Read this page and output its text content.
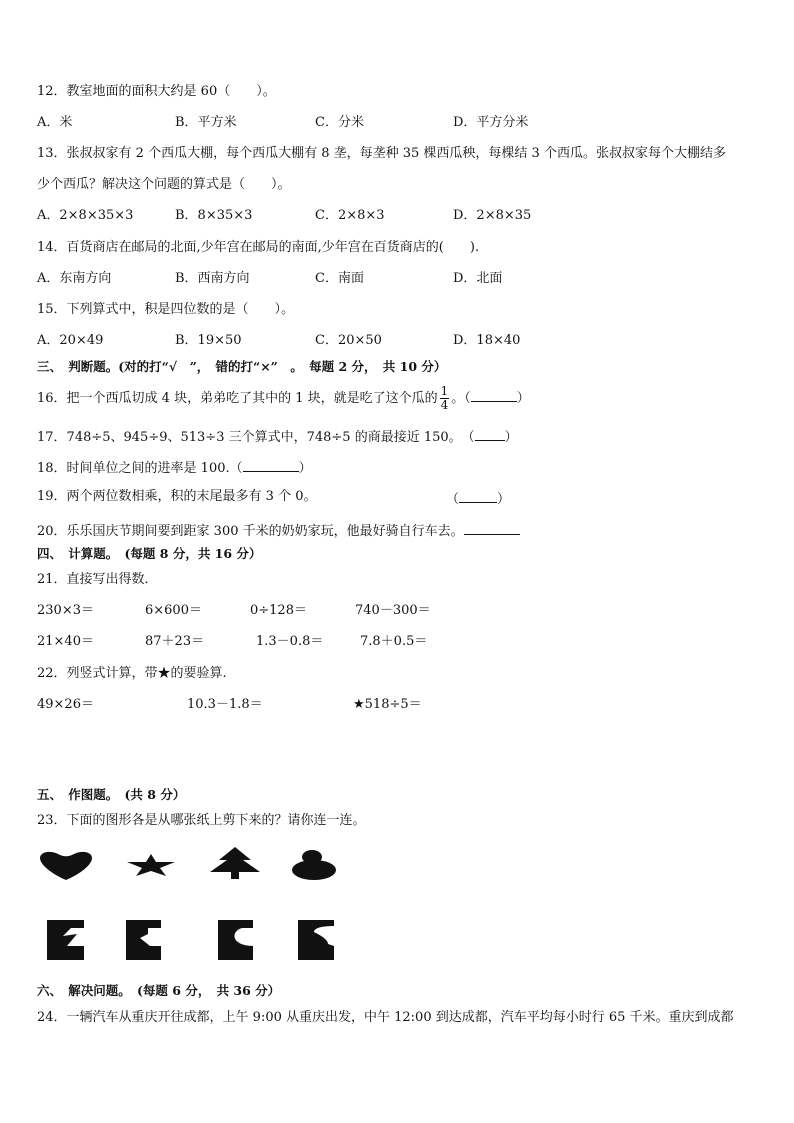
12．教室地面的面积大约是 60（　　）。
A．米	B．平方米	C．分米	D．平方分米
13．张叔叔家有 2 个西瓜大棚，每个西瓜大棚有 8 垄，每垄种 35 棵西瓜秧，每棵结 3 个西瓜。张叔叔家每个大棚结多
少个西瓜？解决这个问题的算式是（　　）。
A．2×8×35×3	B．8×35×3	C．2×8×3	D．2×8×35
14．百货商店在邮局的北面,少年宫在邮局的南面,少年宫在百货商店的(　　).
A．东南方向	B．西南方向	C．南面	D．北面
15．下列算式中，积是四位数的是（　　）。
A．20×49	B．19×50	C．20×50	D．18×40
三、　判断题。(对的打“√　”，　错的打“×”　。　每题 2 分，　共 10 分）
16．把一个西瓜切成 4 块，弟弟吃了其中的 1 块，就是吃了这个瓜的 $\frac{1}{4}$ 。（	）
17．748÷5、945÷9、513÷3 三个算式中，748÷5 的商最接近 150。　（ ）
18．时间单位之间的进率是 100.（	）
19．两个两位数相乘，积的末尾最多有 3 个 0。	（	）
20．乐乐国庆节期间要到距家 300 千米的奶奶家玩，他最好骑自行车去。
四、　计算题。　(每题 8 分，共 16 分）
21．直接写出得数．
230×3＝	6×600＝	0÷128＝	740－300＝
21×40＝	87＋23＝	1.3－0.8＝	7.8＋0.5＝
22．列竖式计算，带★的要验算.
49×26＝	10.3－1.8＝	★518÷5＝
五、　作图题。　(共 8 分）
23．下面的图形各是从哪张纸上剪下来的？请你连一连。
六、　解决问题。　(每题 6 分，　共 36 分）
24．一辆汽车从重庆开往成都，上午 9:00 从重庆出发，中午 12:00 到达成都，汽车平均每小时行 65 千米。重庆到成都
